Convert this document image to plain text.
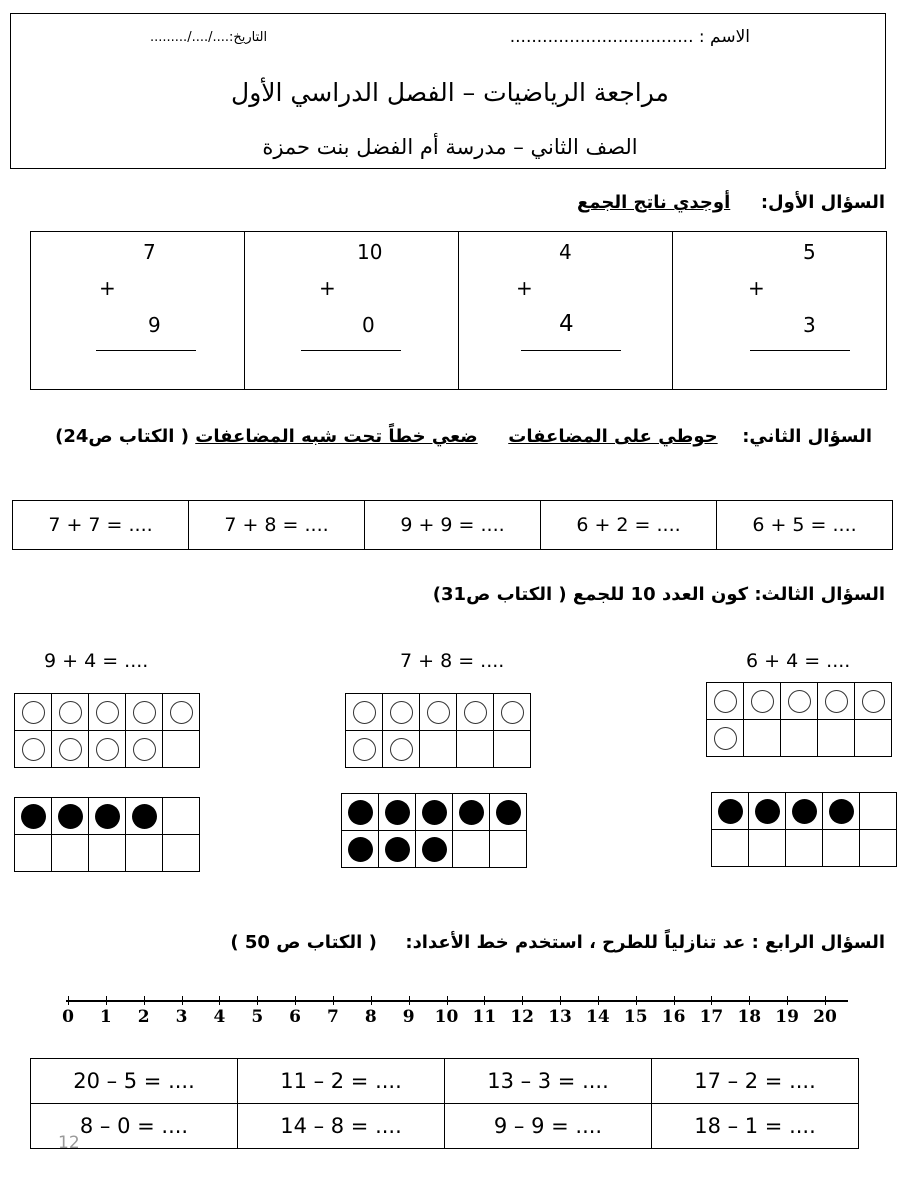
الاسم : ..................................
التاريخ:..../..../.........
مراجعة الرياضيات – الفصل الدراسي الأول
الصف الثاني – مدرسة أم الفضل بنت حمزة
السؤال الأول:  أوجدي ناتج الجمع
7
+
9

10
+
0

4
+
4

5
+
3
السؤال الثاني:  حوطي على المضاعفات  ضعي خطاً تحت شبه المضاعفات ( الكتاب ص24)
7 + 7 = ....	7 + 8 = ....	9 + 9 = ....	6 + 2 = ....	6 + 5 = ....
السؤال الثالث: كون العدد 10 للجمع ( الكتاب ص31)
9 + 4 = ....	7 + 8 = ....	6 + 4 = ....

السؤال الرابع : عد تنازلياً للطرح ، استخدم خط الأعداد:  ( الكتاب ص 50 )
0 1 2 3 4 5 6 7 8 9 10 11 12 13 14 15 16 17 18 19 20
20 – 5 = ....	11 – 2 = ....	13 – 3 = ....	17 – 2 = ....
8 – 0 = ....	14 – 8 = ....	9 – 9 = ....	18 – 1 = ....
12
